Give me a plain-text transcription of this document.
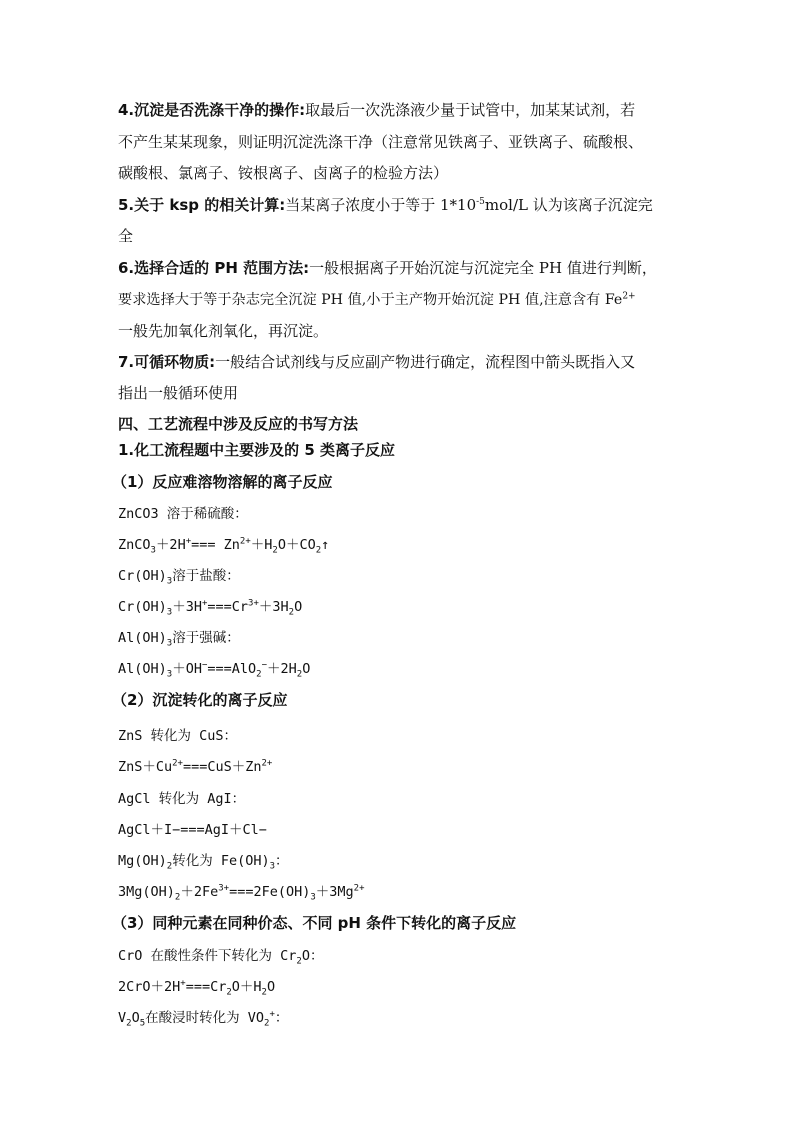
4.沉淀是否洗涤干净的操作:取最后一次洗涤液少量于试管中，加某某试剂，若
不产生某某现象，则证明沉淀洗涤干净（注意常见铁离子、亚铁离子、硫酸根、
碳酸根、氯离子、铵根离子、卤离子的检验方法）
5.关于 ksp 的相关计算:当某离子浓度小于等于 $1*10^{-5}mol/L$ 认为该离子沉淀完
全
6.选择合适的 PH 范围方法:一般根据离子开始沉淀与沉淀完全 PH 值进行判断，
要求选择大于等于杂志完全沉淀 PH 值,小于主产物开始沉淀 PH 值,注意含有 $Fe^{2+}$
一般先加氧化剂氧化，再沉淀。
7.可循环物质:一般结合试剂线与反应副产物进行确定，流程图中箭头既指入又
指出一般循环使用
四、工艺流程中涉及反应的书写方法
1.化工流程题中主要涉及的 5 类离子反应
（1）反应难溶物溶解的离子反应
ZnCO3 溶于稀硫酸：
ZnCO$_3$＋2H+=== $Zn^{2+}+H_2O+CO_2↑$
$Cr(OH)_3$溶于盐酸：
$Cr(OH)_3+3H^+===Cr^{3+}+3H_2O$
$Al(OH)_3$溶于强碱：
$Al(OH)_3+OH^-===AlO_2^-+2H_2O$
（2）沉淀转化的离子反应
ZnS 转化为 CuS：
$ZnS+Cu^{2+}===CuS+Zn^{2+}$
AgCl 转化为 AgI：
AgCl＋I−===AgI＋Cl−
$Mg(OH)_2$转化为 $Fe(OH)_3$：
$3Mg(OH)_2+2Fe^{3+}===2Fe(OH)_3+3Mg^{2+}$
（3）同种元素在同种价态、不同 pH 条件下转化的离子反应
CrO 在酸性条件下转化为 $Cr_2O$：
$2CrO+2H^+===Cr_2O+H_2O$
$V_2O_5$在酸浸时转化为 $VO_2^+$：
